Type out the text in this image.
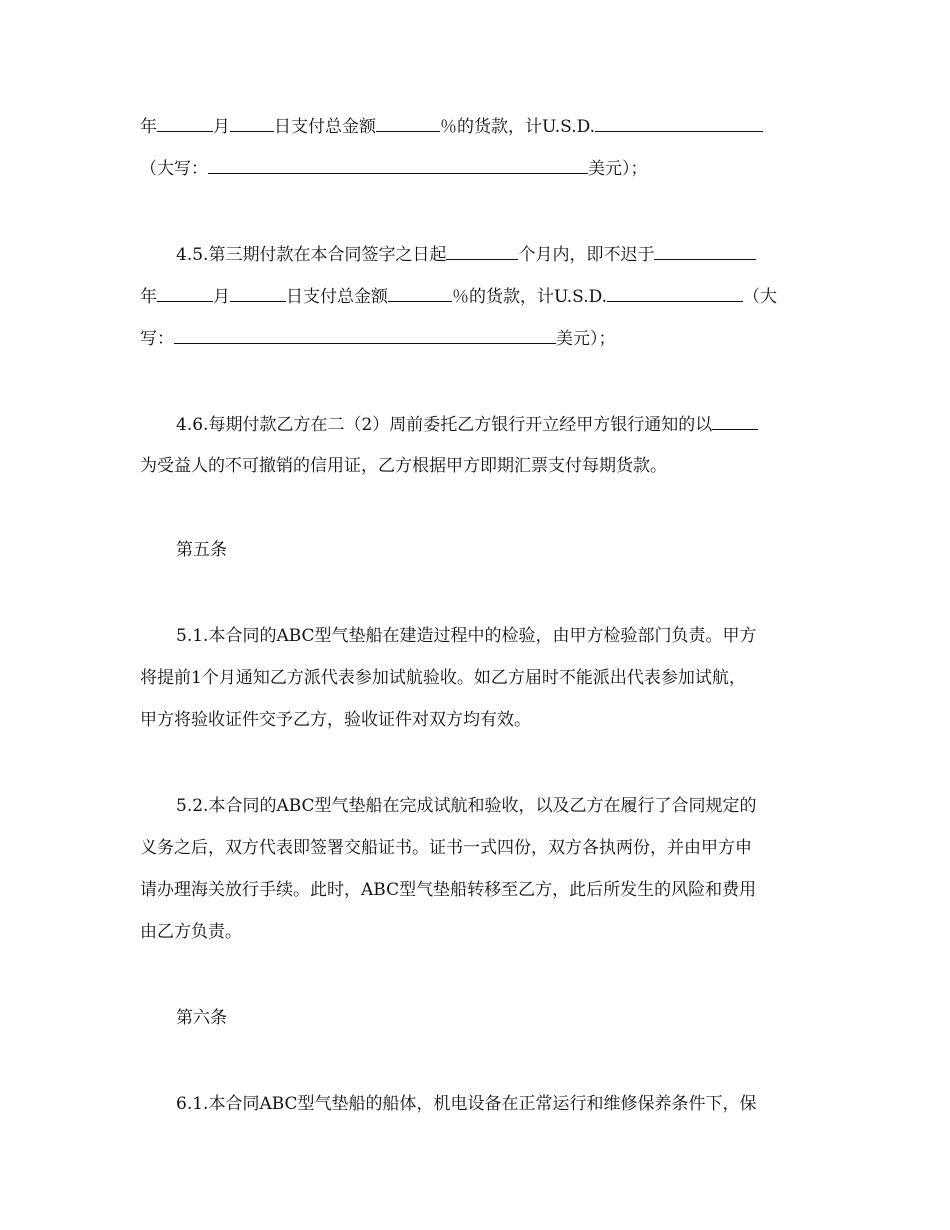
年	月	日支付总金额	％的货款，计U.S.D.
（大写：	美元）；
4.5.第三期付款在本合同签字之日起	个月内，即不迟于
年	月	日支付总金额	％的货款，计U.S.D.	（大
写：	美元）；
4.6.每期付款乙方在二（2）周前委托乙方银行开立经甲方银行通知的以
为受益人的不可撤销的信用证，乙方根据甲方即期汇票支付每期货款。
第五条
5.1.本合同的ABC型气垫船在建造过程中的检验，由甲方检验部门负责。甲方
将提前1个月通知乙方派代表参加试航验收。如乙方届时不能派出代表参加试航，
甲方将验收证件交予乙方，验收证件对双方均有效。
5.2.本合同的ABC型气垫船在完成试航和验收，以及乙方在履行了合同规定的
义务之后，双方代表即签署交船证书。证书一式四份，双方各执两份，并由甲方申
请办理海关放行手续。此时，ABC型气垫船转移至乙方，此后所发生的风险和费用
由乙方负责。
第六条
6.1.本合同ABC型气垫船的船体，机电设备在正常运行和维修保养条件下，保
